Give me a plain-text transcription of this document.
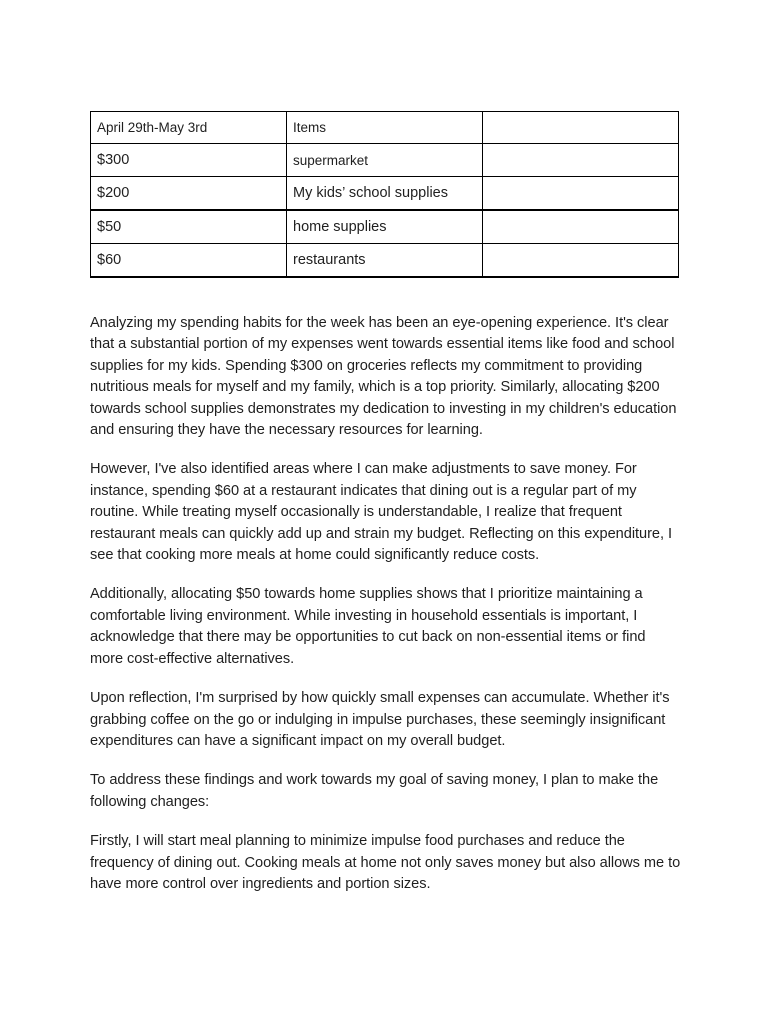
April 29th-May 3rd	Items	
$300	supermarket	
$200	My kids’ school supplies	
$50	home supplies	
$60	restaurants	

Analyzing my spending habits for the week has been an eye-opening experience. It's clear that a substantial portion of my expenses went towards essential items like food and school supplies for my kids. Spending $300 on groceries reflects my commitment to providing nutritious meals for myself and my family, which is a top priority. Similarly, allocating $200 towards school supplies demonstrates my dedication to investing in my children's education and ensuring they have the necessary resources for learning.

However, I've also identified areas where I can make adjustments to save money. For instance, spending $60 at a restaurant indicates that dining out is a regular part of my routine. While treating myself occasionally is understandable, I realize that frequent restaurant meals can quickly add up and strain my budget. Reflecting on this expenditure, I see that cooking more meals at home could significantly reduce costs.

Additionally, allocating $50 towards home supplies shows that I prioritize maintaining a comfortable living environment. While investing in household essentials is important, I acknowledge that there may be opportunities to cut back on non-essential items or find more cost-effective alternatives.

Upon reflection, I'm surprised by how quickly small expenses can accumulate. Whether it's grabbing coffee on the go or indulging in impulse purchases, these seemingly insignificant expenditures can have a significant impact on my overall budget.

To address these findings and work towards my goal of saving money, I plan to make the following changes:

Firstly, I will start meal planning to minimize impulse food purchases and reduce the frequency of dining out. Cooking meals at home not only saves money but also allows me to have more control over ingredients and portion sizes.
